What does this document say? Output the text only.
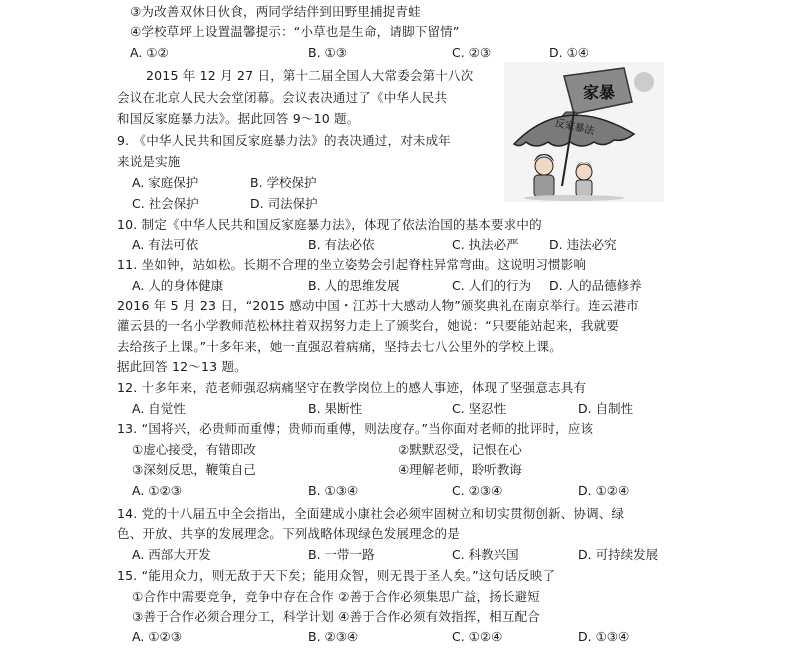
③为改善双休日伙食，两同学结伴到田野里捕捉青蛙
④学校草坪上设置温馨提示：“小草也是生命，请脚下留情”
A. ①②	B. ①③	C. ②③	D. ①④
2015 年 12 月 27 日，第十二届全国人大常委会第十八次
会议在北京人民大会堂闭幕。会议表决通过了《中华人民共
和国反家庭暴力法》。据此回答 9～10 题。
家暴
反家暴法
9. 《中华人民共和国反家庭暴力法》的表决通过，对未成年
来说是实施
A. 家庭保护	B. 学校保护
C. 社会保护	D. 司法保护
10. 制定《中华人民共和国反家庭暴力法》，体现了依法治国的基本要求中的
A. 有法可依	B. 有法必依	C. 执法必严 D. 违法必究
11. 坐如钟，站如松。长期不合理的坐立姿势会引起脊柱异常弯曲。这说明习惯影响
A. 人的身体健康	B. 人的思维发展	C. 人们的行为 D. 人的品德修养
2016 年 5 月 23 日，“2015 感动中国・江苏十大感动人物”颁奖典礼在南京举行。连云港市
灌云县的一名小学教师范松林拄着双拐努力走上了颁奖台，她说：“只要能站起来，我就要
去给孩子上课。”十多年来，她一直强忍着病痛，坚持去七八公里外的学校上课。
据此回答 12～13 题。
12. 十多年来，范老师强忍病痛坚守在教学岗位上的感人事迹，体现了坚强意志具有
A. 自觉性	B. 果断性	C. 坚忍性	D. 自制性
13. “国将兴，必贵师而重傅；贵师而重傅，则法度存。”当你面对老师的批评时，应该
①虚心接受，有错即改	②默默忍受，记恨在心
③深刻反思，鞭策自己	④理解老师，聆听教诲
A. ①②③	B. ①③④	C. ②③④	D. ①②④
14. 党的十八届五中全会指出，全面建成小康社会必须牢固树立和切实贯彻创新、协调、绿
色、开放、共享的发展理念。下列战略体现绿色发展理念的是
A. 西部大开发	B. 一带一路	C. 科教兴国	D. 可持续发展
15. “能用众力，则无敌于天下矣；能用众智，则无畏于圣人矣。”这句话反映了
①合作中需要竞争，竞争中存在合作 ②善于合作必须集思广益，扬长避短
③善于合作必须合理分工，科学计划 ④善于合作必须有效指挥，相互配合
A. ①②③	B. ②③④	C. ①②④	D. ①③④
